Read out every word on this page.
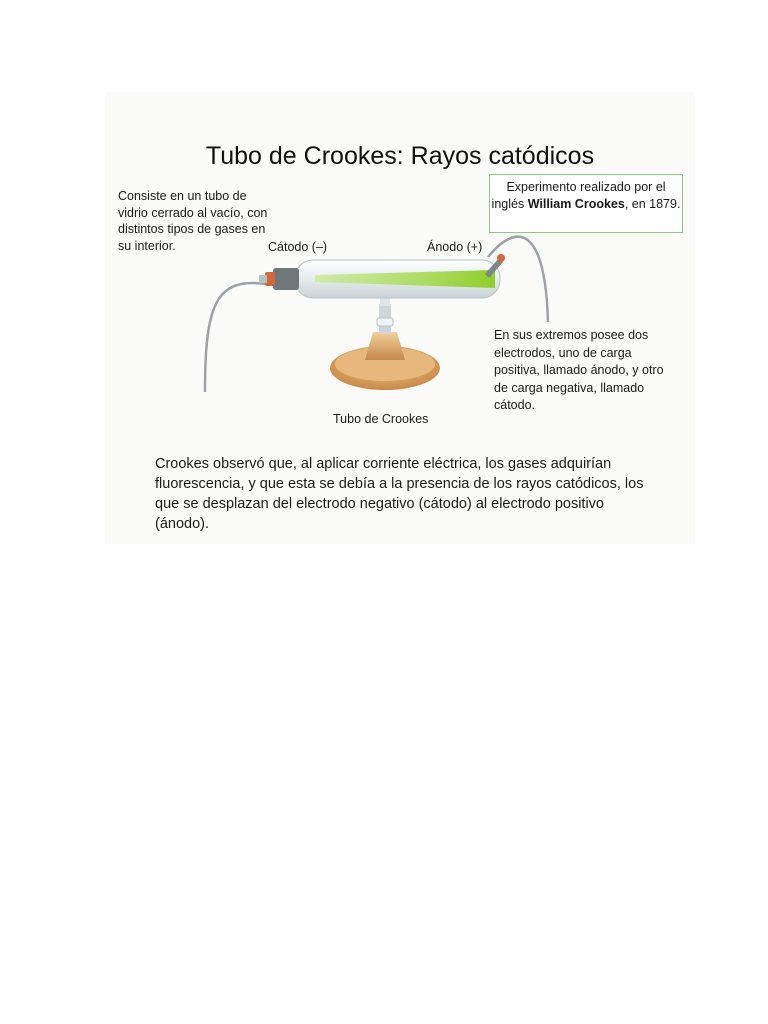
Tubo de Crookes: Rayos catódicos

Consiste en un tubo de vidrio cerrado al vacío, con distintos tipos de gases en su interior.

Experimento realizado por el inglés William Crookes, en 1879.

Cátodo (–)	Ánodo (+)

En sus extremos posee dos electrodos, uno de carga positiva, llamado ánodo, y otro de carga negativa, llamado cátodo.

Tubo de Crookes

Crookes observó que, al aplicar corriente eléctrica, los gases adquirían fluorescencia, y que esta se debía a la presencia de los rayos catódicos, los que se desplazan del electrodo negativo (cátodo) al electrodo positivo (ánodo).
